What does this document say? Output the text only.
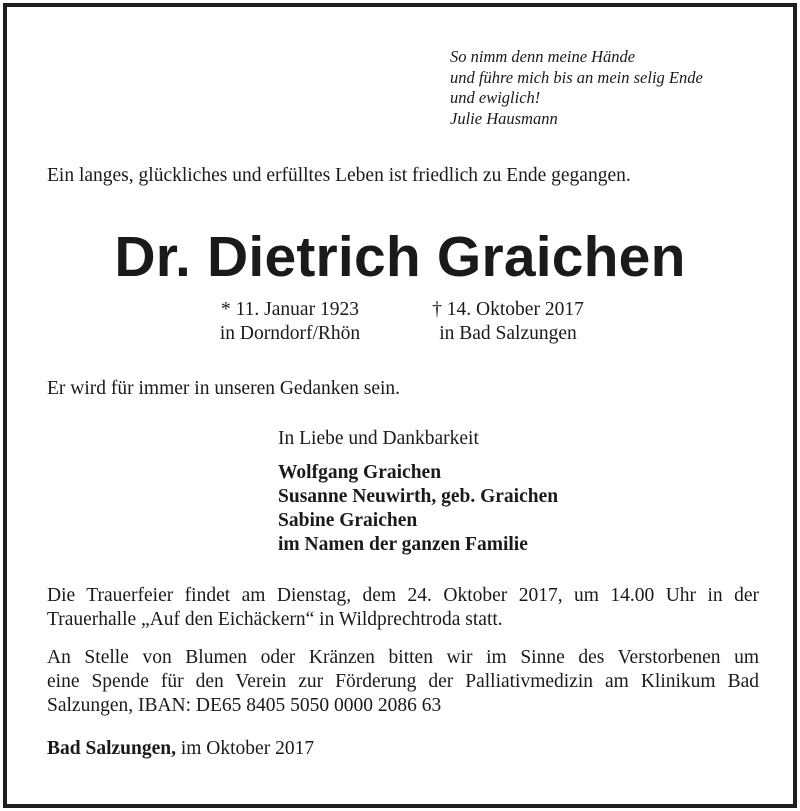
So nimm denn meine Hände
und führe mich bis an mein selig Ende
und ewiglich!
Julie Hausmann
Ein langes, glückliches und erfülltes Leben ist friedlich zu Ende gegangen.
Dr. Dietrich Graichen
* 11. Januar 1923
in Dorndorf/Rhön
† 14. Oktober 2017
in Bad Salzungen
Er wird für immer in unseren Gedanken sein.
In Liebe und Dankbarkeit
Wolfgang Graichen
Susanne Neuwirth, geb. Graichen
Sabine Graichen
im Namen der ganzen Familie
Die Trauerfeier findet am Dienstag, dem 24. Oktober 2017, um 14.00 Uhr in der
Trauerhalle „Auf den Eichäckern“ in Wildprechtroda statt.
An Stelle von Blumen oder Kränzen bitten wir im Sinne des Verstorbenen um
eine Spende für den Verein zur Förderung der Palliativmedizin am Klinikum Bad
Salzungen, IBAN: DE65 8405 5050 0000 2086 63
Bad Salzungen, im Oktober 2017
